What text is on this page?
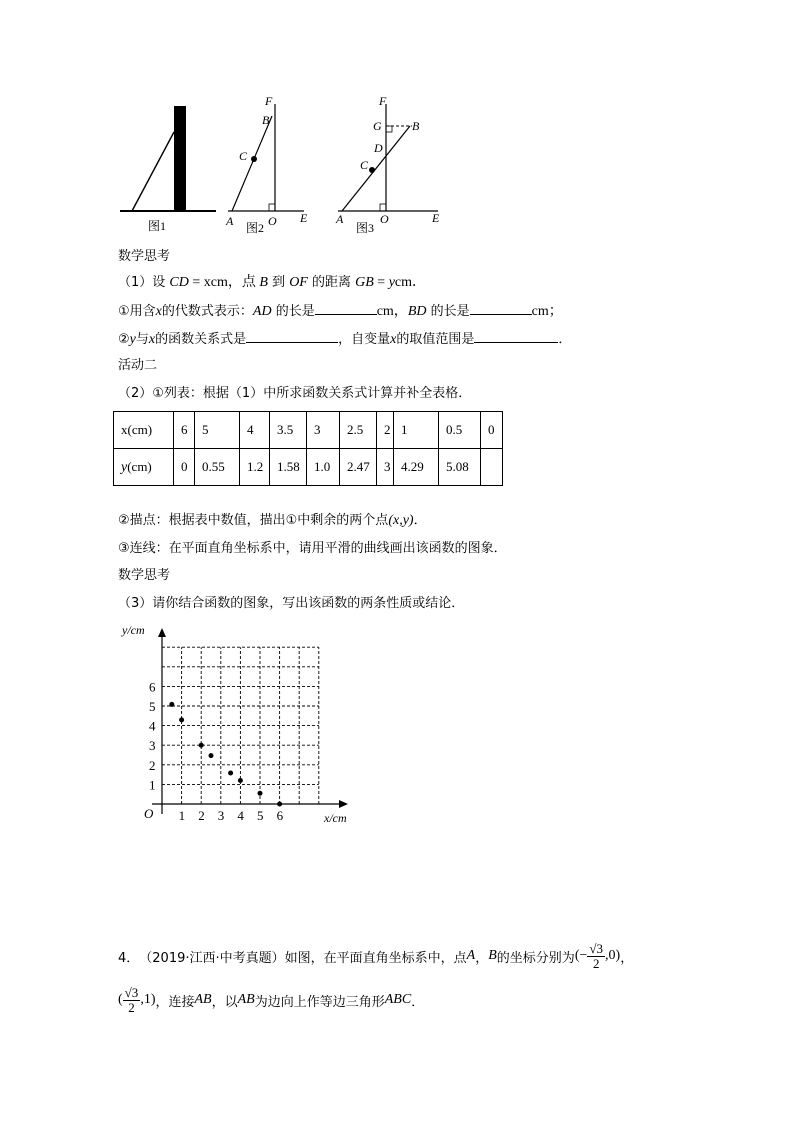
图1
F
B
C
A	O E
图2
F
G	B
D
C
A	O	E
图3
数学思考
（1）设 CD = xcm，点 B 到 OF 的距离 GB = ycm．
①用含x的代数式表示：AD 的长是	cm，BD 的长是	cm；
②y与x的函数关系式是	，自变量x的取值范围是	．
活动二
（2）①列表：根据（1）中所求函数关系式计算并补全表格．
x(cm)	6	5	4	3.5	3	2.5	2	1	0.5	0
y(cm)	0	0.55	1.2	1.58	1.0	2.47	3	4.29	5.08	
②描点：根据表中数值，描出①中剩余的两个点(x,y)．
③连线：在平面直角坐标系中，请用平滑的曲线画出该函数的图象．
数学思考
（3）请你结合函数的图象，写出该函数的两条性质或结论．
y/cm
x/cm
O 1 2 3 4 5 6
1
2
3
4
5
6
4． （2019·江西·中考真题） 如图，在平面直角坐标系中，点 A ， B 的坐标分别为 (− $\frac{√3}{2} ,0$) ，
( $\frac{√3}{2} ,1$) ，连接 AB ，以 AB 为边向上作等边三角形 ABC ．
